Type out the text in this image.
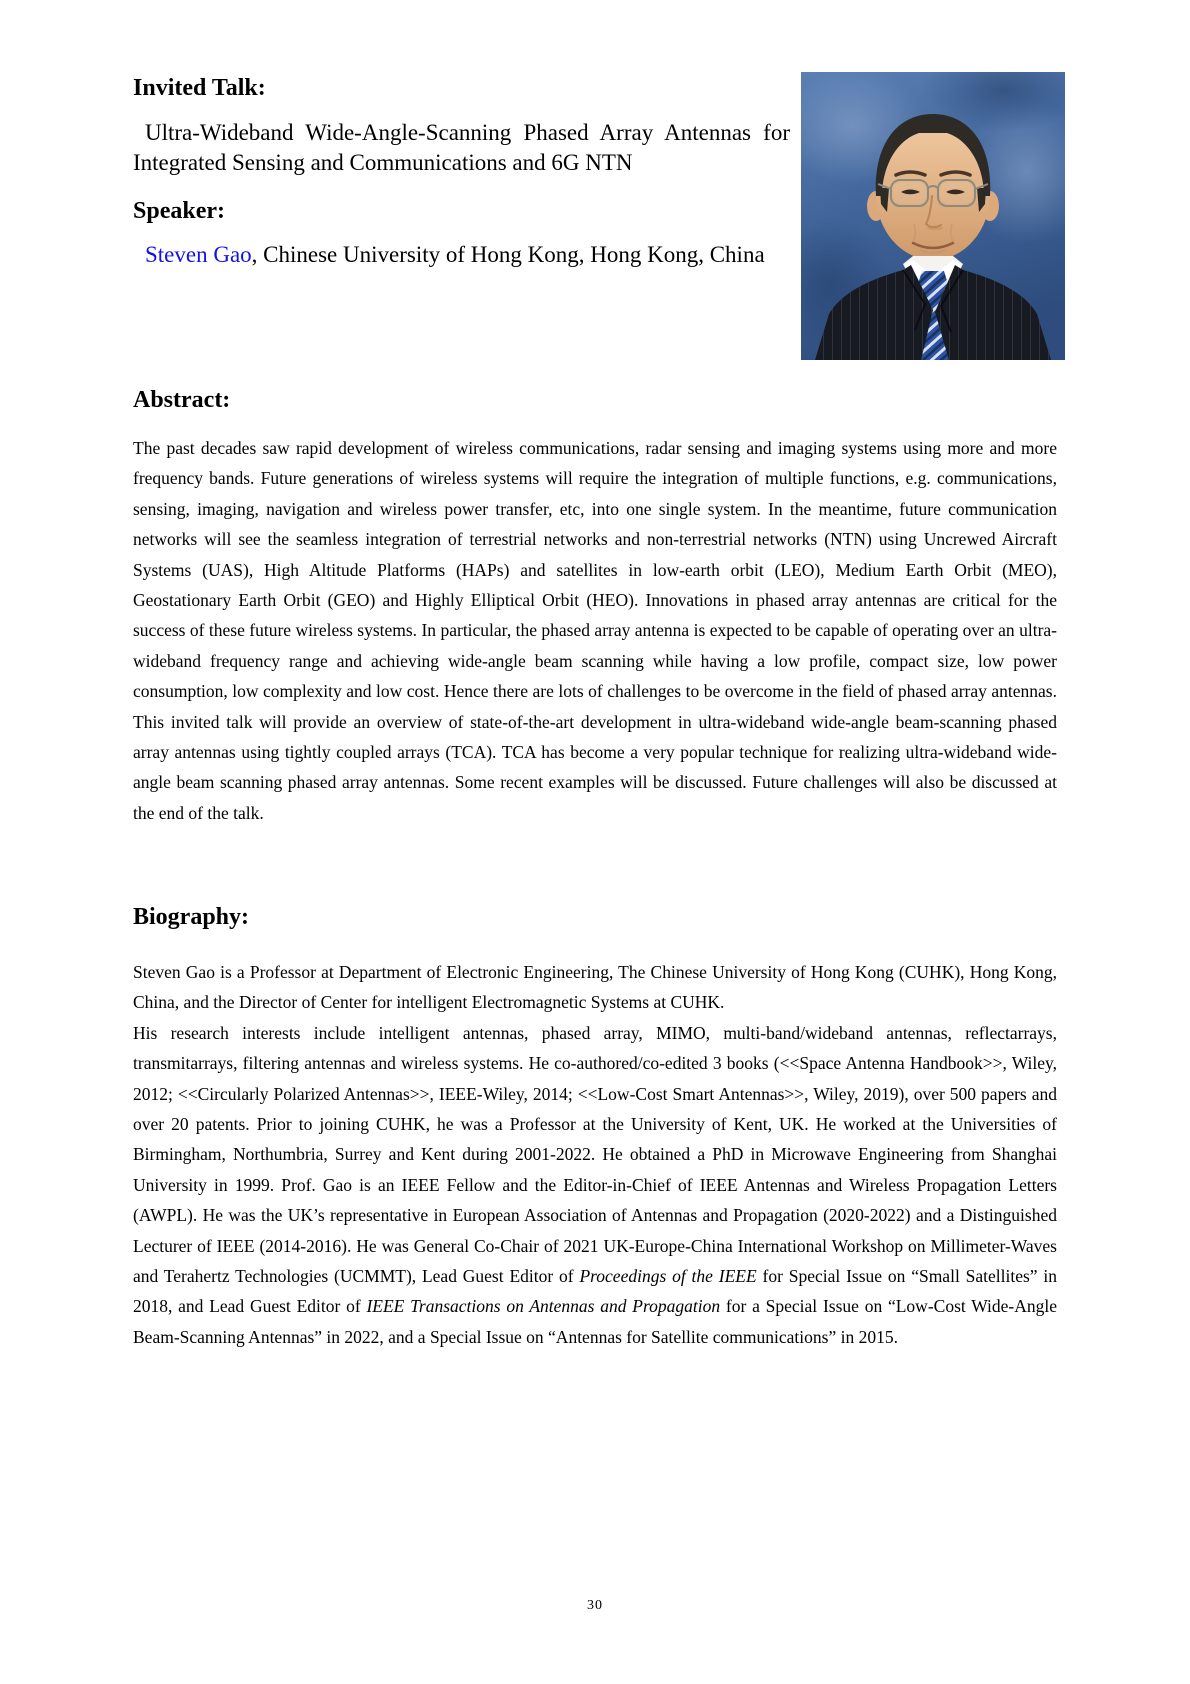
Invited Talk:

Ultra-Wideband Wide-Angle-Scanning Phased Array Antennas for Integrated Sensing and Communications and 6G NTN

Speaker:

Steven Gao, Chinese University of Hong Kong, Hong Kong, China

Abstract:

The past decades saw rapid development of wireless communications, radar sensing and imaging systems using more and more frequency bands. Future generations of wireless systems will require the integration of multiple functions, e.g. communications, sensing, imaging, navigation and wireless power transfer, etc, into one single system. In the meantime, future communication networks will see the seamless integration of terrestrial networks and non-terrestrial networks (NTN) using Uncrewed Aircraft Systems (UAS), High Altitude Platforms (HAPs) and satellites in low-earth orbit (LEO), Medium Earth Orbit (MEO), Geostationary Earth Orbit (GEO) and Highly Elliptical Orbit (HEO). Innovations in phased array antennas are critical for the success of these future wireless systems. In particular, the phased array antenna is expected to be capable of operating over an ultra-wideband frequency range and achieving wide-angle beam scanning while having a low profile, compact size, low power consumption, low complexity and low cost. Hence there are lots of challenges to be overcome in the field of phased array antennas. This invited talk will provide an overview of state-of-the-art development in ultra-wideband wide-angle beam-scanning phased array antennas using tightly coupled arrays (TCA). TCA has become a very popular technique for realizing ultra-wideband wide-angle beam scanning phased array antennas. Some recent examples will be discussed. Future challenges will also be discussed at the end of the talk.

Biography:

Steven Gao is a Professor at Department of Electronic Engineering, The Chinese University of Hong Kong (CUHK), Hong Kong, China, and the Director of Center for intelligent Electromagnetic Systems at CUHK.

His research interests include intelligent antennas, phased array, MIMO, multi-band/wideband antennas, reflectarrays, transmitarrays, filtering antennas and wireless systems. He co-authored/co-edited 3 books (<<Space Antenna Handbook>>, Wiley, 2012; <<Circularly Polarized Antennas>>, IEEE-Wiley, 2014; <<Low-Cost Smart Antennas>>, Wiley, 2019), over 500 papers and over 20 patents. Prior to joining CUHK, he was a Professor at the University of Kent, UK. He worked at the Universities of Birmingham, Northumbria, Surrey and Kent during 2001-2022. He obtained a PhD in Microwave Engineering from Shanghai University in 1999. Prof. Gao is an IEEE Fellow and the Editor-in-Chief of IEEE Antennas and Wireless Propagation Letters (AWPL). He was the UK’s representative in European Association of Antennas and Propagation (2020-2022) and a Distinguished Lecturer of IEEE (2014-2016). He was General Co-Chair of 2021 UK-Europe-China International Workshop on Millimeter-Waves and Terahertz Technologies (UCMMT), Lead Guest Editor of Proceedings of the IEEE for Special Issue on “Small Satellites” in 2018, and Lead Guest Editor of IEEE Transactions on Antennas and Propagation for a Special Issue on “Low-Cost Wide-Angle Beam-Scanning Antennas” in 2022, and a Special Issue on “Antennas for Satellite communications” in 2015.

30
